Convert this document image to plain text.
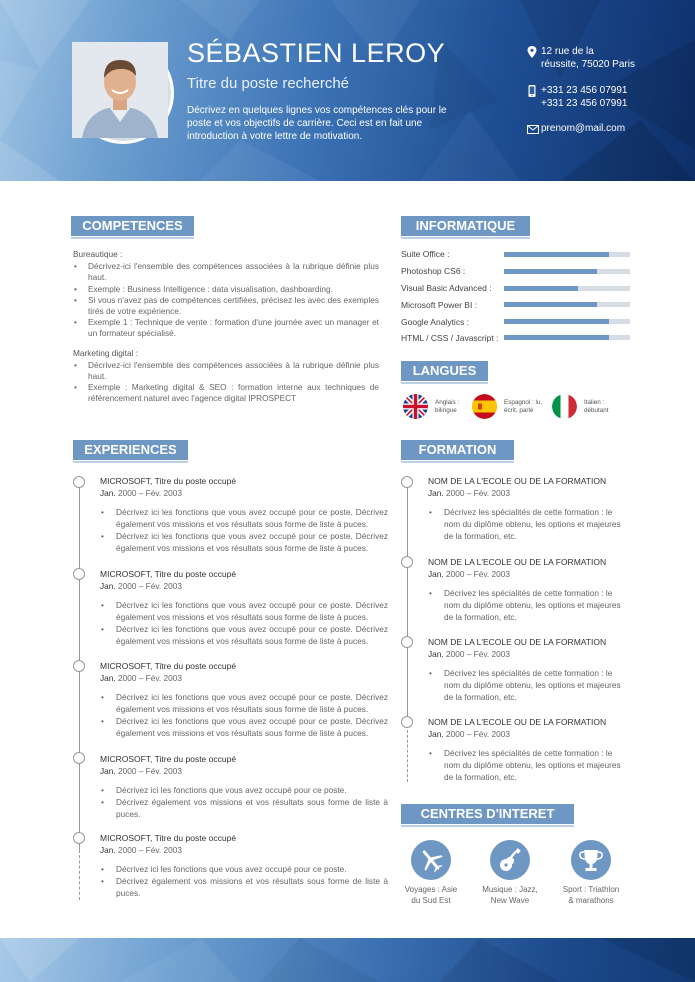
SÉBASTIEN LEROY
Titre du poste recherché
Décrivez en quelques lignes vos compétences clés pour le poste et vos objectifs de carrière. Ceci est en fait une introduction à votre lettre de motivation.
12 rue de la
réussite, 75020 Paris
+331 23 456 07991
+331 23 456 07991
prenom@mail.com
COMPETENCES
Bureautique :
• Décrivez-ici l'ensemble des compétences associées à la rubrique définie plus haut.
• Exemple : Business Intelligence : data visualisation, dashboarding.
• Si vous n'avez pas de compétences certifiées, précisez les avec des exemples tirés de votre expérience.
• Exemple 1 : Technique de vente : formation d'une journée avec un manager et un formateur spécialisé.
Marketing digital :
• Décrivez-ici l'ensemble des compétences associées à la rubrique définie plus haut.
• Exemple : Marketing digital & SEO : formation interne aux techniques de référencement naturel avec l'agence digital IPROSPECT
INFORMATIQUE
Suite Office :
Photoshop CS6 :
Visual Basic Advanced :
Microsoft Power BI :
Google Analytics :
HTML / CSS / Javascript :
LANGUES
Anglais :
bilingue
Espagnol : lu,
écrit, parlé
Italien :
débutant
EXPERIENCES
MICROSOFT, Titre du poste occupé
Jan. 2000 – Fév. 2003
• Décrivez ici les fonctions que vous avez occupé pour ce poste. Décrivez également vos missions et vos résultats sous forme de liste à puces.
• Décrivez ici les fonctions que vous avez occupé pour ce poste. Décrivez également vos missions et vos résultats sous forme de liste à puces.
MICROSOFT, Titre du poste occupé
Jan. 2000 – Fév. 2003
• Décrivez ici les fonctions que vous avez occupé pour ce poste. Décrivez également vos missions et vos résultats sous forme de liste à puces.
• Décrivez ici les fonctions que vous avez occupé pour ce poste. Décrivez également vos missions et vos résultats sous forme de liste à puces.
MICROSOFT, Titre du poste occupé
Jan. 2000 – Fév. 2003
• Décrivez ici les fonctions que vous avez occupé pour ce poste. Décrivez également vos missions et vos résultats sous forme de liste à puces.
• Décrivez ici les fonctions que vous avez occupé pour ce poste. Décrivez également vos missions et vos résultats sous forme de liste à puces.
MICROSOFT, Titre du poste occupé
Jan. 2000 – Fév. 2003
• Décrivez ici les fonctions que vous avez occupé pour ce poste.
• Décrivez également vos missions et vos résultats sous forme de liste à puces.
MICROSOFT, Titre du poste occupé
Jan. 2000 – Fév. 2003
• Décrivez ici les fonctions que vous avez occupé pour ce poste.
• Décrivez également vos missions et vos résultats sous forme de liste à puces.
FORMATION
NOM DE LA L'ECOLE OU DE LA FORMATION
Jan. 2000 – Fév. 2003
• Décrivez les spécialités de cette formation : le nom du diplôme obtenu, les options et majeures de la formation, etc.
NOM DE LA L'ECOLE OU DE LA FORMATION
Jan. 2000 – Fév. 2003
• Décrivez les spécialités de cette formation : le nom du diplôme obtenu, les options et majeures de la formation, etc.
NOM DE LA L'ECOLE OU DE LA FORMATION
Jan. 2000 – Fév. 2003
• Décrivez les spécialités de cette formation : le nom du diplôme obtenu, les options et majeures de la formation, etc.
NOM DE LA L'ECOLE OU DE LA FORMATION
Jan. 2000 – Fév. 2003
• Décrivez les spécialités de cette formation : le nom du diplôme obtenu, les options et majeures de la formation, etc.
CENTRES D'INTERET
Voyages : Asie
du Sud Est
Musique : Jazz,
New Wave
Sport : Triathlon
& marathons
